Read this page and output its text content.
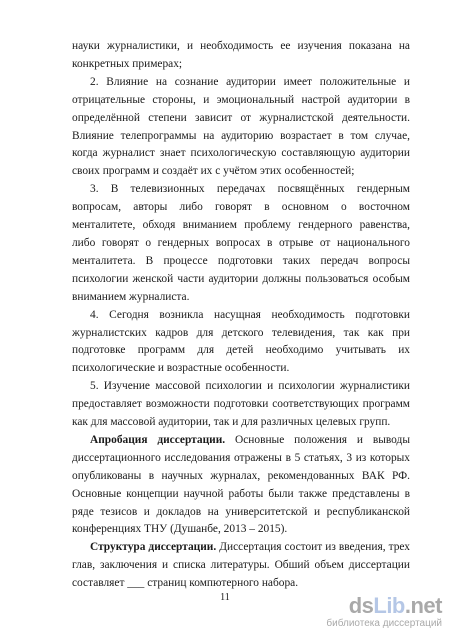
науки журналистики, и необходимость ее изучения показана на конкретных примерах;

2. Влияние на сознание аудитории имеет положительные и отрицательные стороны, и эмоциональный настрой аудитории в определённой степени зависит от журналистской деятельности. Влияние телепрограммы на аудиторию возрастает в том случае, когда журналист знает психологическую составляющую аудитории своих программ и создаёт их с учётом этих особенностей;

3. В телевизионных передачах посвящённых гендерным вопросам, авторы либо говорят в основном о восточном менталитете, обходя вниманием проблему гендерного равенства, либо говорят о гендерных вопросах в отрыве от национального менталитета. В процессе подготовки таких передач вопросы психологии женской части аудитории должны пользоваться особым вниманием журналиста.

4. Сегодня возникла насущная необходимость подготовки журналистских кадров для детского телевидения, так как при подготовке программ для детей необходимо учитывать их психологические и возрастные особенности.

5. Изучение массовой психологии и психологии журналистики предоставляет возможности подготовки соответствующих программ как для массовой аудитории, так и для различных целевых групп.

Апробация диссертации. Основные положения и выводы диссертационного исследования отражены в 5 статьях, 3 из которых опубликованы в научных журналах, рекомендованных ВАК РФ. Основные концепции научной работы были также представлены в ряде тезисов и докладов на университетской и республиканской конференциях ТНУ (Душанбе, 2013 – 2015).

Структура диссертации. Диссертация состоит из введения, трех глав, заключения и списка литературы. Обший объем диссертации составляет ___ страниц компютерного набора.

11	dsLib.net
библиотека диссертаций
